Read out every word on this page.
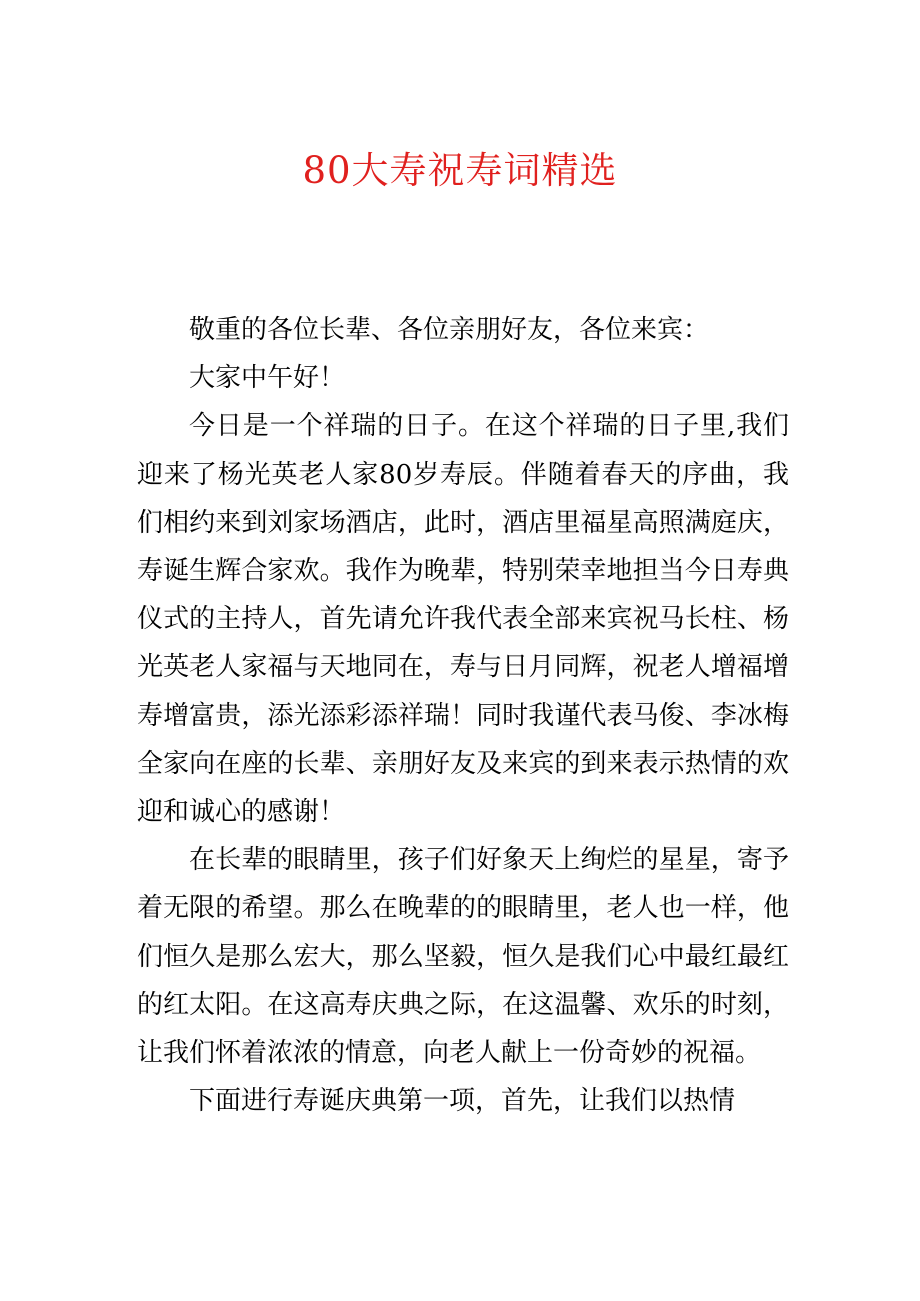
80大寿祝寿词精选

敬重的各位长辈、各位亲朋好友，各位来宾：

大家中午好！

今日是一个祥瑞的日子。在这个祥瑞的日子里,我们迎来了杨光英老人家80岁寿辰。伴随着春天的序曲，我们相约来到刘家场酒店，此时，酒店里福星高照满庭庆，寿诞生辉合家欢。我作为晚辈，特别荣幸地担当今日寿典仪式的主持人，首先请允许我代表全部来宾祝马长柱、杨光英老人家福与天地同在，寿与日月同辉，祝老人增福增寿增富贵，添光添彩添祥瑞！同时我谨代表马俊、李冰梅全家向在座的长辈、亲朋好友及来宾的到来表示热情的欢迎和诚心的感谢！

在长辈的眼睛里，孩子们好象天上绚烂的星星，寄予着无限的希望。那么在晚辈的的眼睛里，老人也一样，他们恒久是那么宏大，那么坚毅，恒久是我们心中最红最红的红太阳。在这高寿庆典之际，在这温馨、欢乐的时刻，让我们怀着浓浓的情意，向老人献上一份奇妙的祝福。

下面进行寿诞庆典第一项，首先，让我们以热情
